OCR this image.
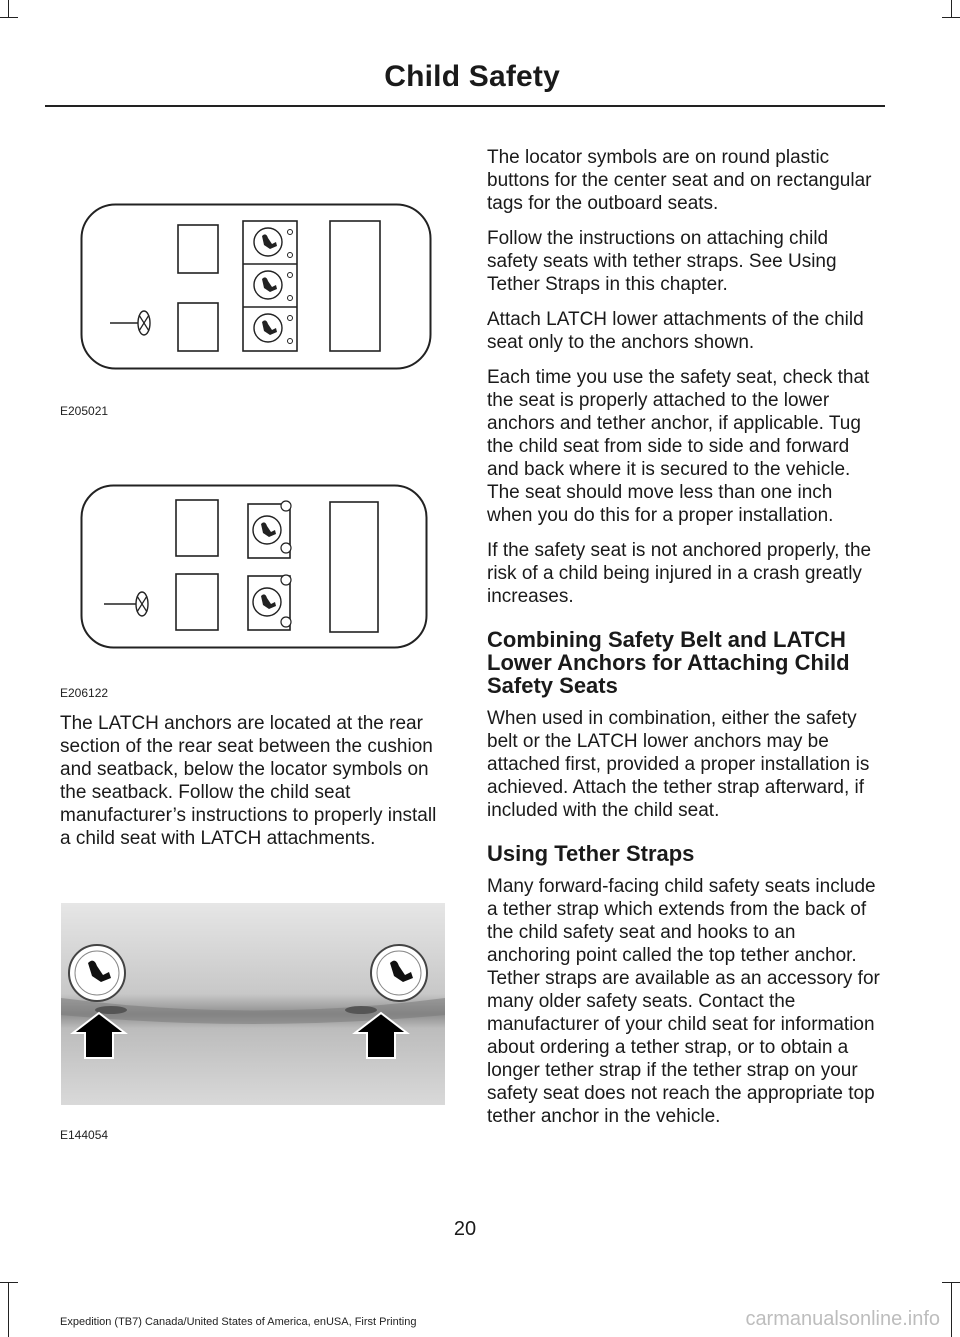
Child Safety
E205021
E206122

The LATCH anchors are located at the rear section of the rear seat between the cushion and seatback, below the locator symbols on the seatback. Follow the child seat manufacturer’s instructions to properly install a child seat with LATCH attachments.

E144054

The locator symbols are on round plastic buttons for the center seat and on rectangular tags for the outboard seats.

Follow the instructions on attaching child safety seats with tether straps. See Using Tether Straps in this chapter.

Attach LATCH lower attachments of the child seat only to the anchors shown.

Each time you use the safety seat, check that the seat is properly attached to the lower anchors and tether anchor, if applicable. Tug the child seat from side to side and forward and back where it is secured to the vehicle. The seat should move less than one inch when you do this for a proper installation.

If the safety seat is not anchored properly, the risk of a child being injured in a crash greatly increases.

Combining Safety Belt and LATCH Lower Anchors for Attaching Child Safety Seats

When used in combination, either the safety belt or the LATCH lower anchors may be attached first, provided a proper installation is achieved. Attach the tether strap afterward, if included with the child seat.

Using Tether Straps

Many forward-facing child safety seats include a tether strap which extends from the back of the child safety seat and hooks to an anchoring point called the top tether anchor. Tether straps are available as an accessory for many older safety seats. Contact the manufacturer of your child seat for information about ordering a tether strap, or to obtain a longer tether strap if the tether strap on your safety seat does not reach the appropriate top tether anchor in the vehicle.

20
Expedition (TB7) Canada/United States of America, enUSA, First Printing	carmanualsonline.info
